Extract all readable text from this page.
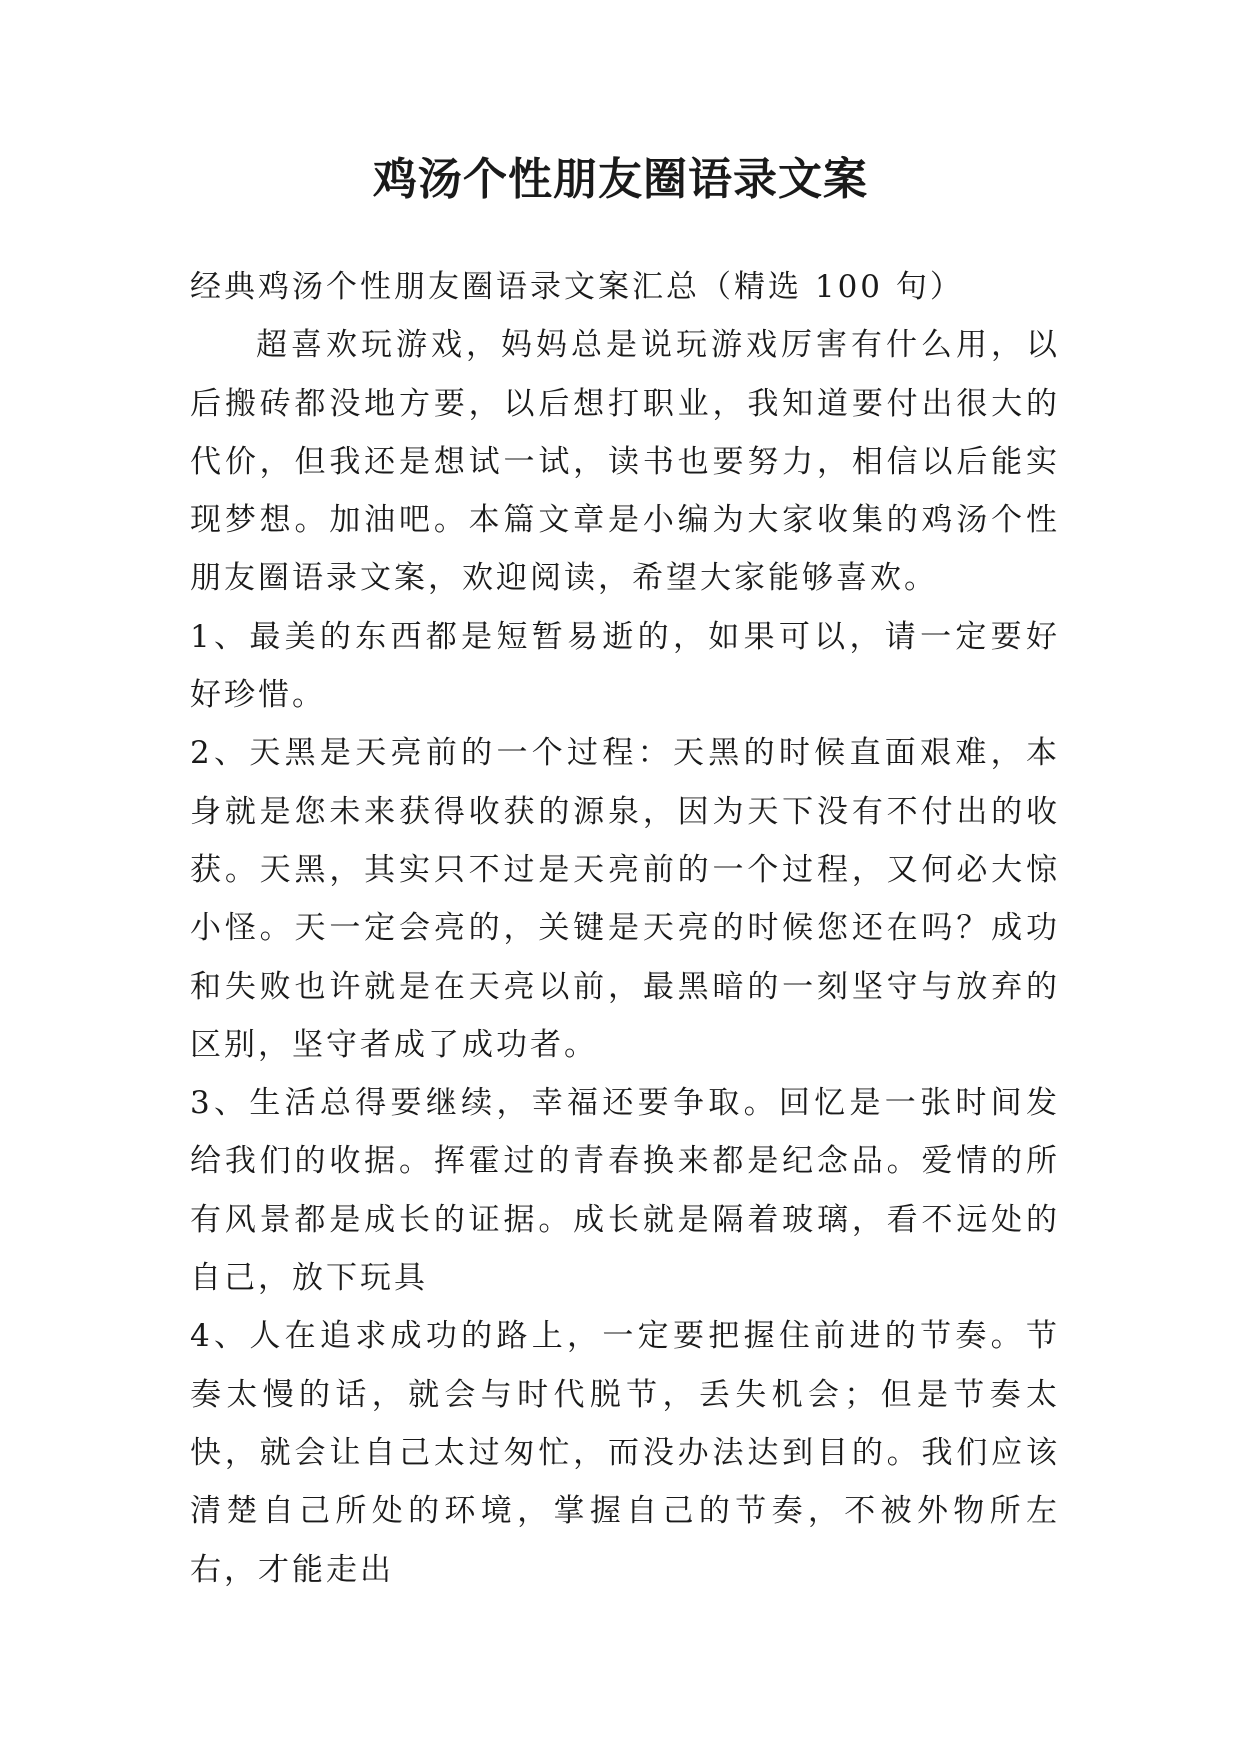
鸡汤个性朋友圈语录文案

经典鸡汤个性朋友圈语录文案汇总（精选 100 句）

超喜欢玩游戏，妈妈总是说玩游戏厉害有什么用，以后搬砖都没地方要，以后想打职业，我知道要付出很大的代价，但我还是想试一试，读书也要努力，相信以后能实现梦想。加油吧。本篇文章是小编为大家收集的鸡汤个性朋友圈语录文案，欢迎阅读，希望大家能够喜欢。

1、最美的东西都是短暂易逝的，如果可以，请一定要好好珍惜。

2、天黑是天亮前的一个过程：天黑的时候直面艰难，本身就是您未来获得收获的源泉，因为天下没有不付出的收获。天黑，其实只不过是天亮前的一个过程，又何必大惊小怪。天一定会亮的，关键是天亮的时候您还在吗？成功和失败也许就是在天亮以前，最黑暗的一刻坚守与放弃的区别，坚守者成了成功者。

3、生活总得要继续，幸福还要争取。回忆是一张时间发给我们的收据。挥霍过的青春换来都是纪念品。爱情的所有风景都是成长的证据。成长就是隔着玻璃，看不远处的自己，放下玩具

4、人在追求成功的路上，一定要把握住前进的节奏。节奏太慢的话，就会与时代脱节，丢失机会；但是节奏太快，就会让自己太过匆忙，而没办法达到目的。我们应该清楚自己所处的环境，掌握自己的节奏，不被外物所左右，才能走出
